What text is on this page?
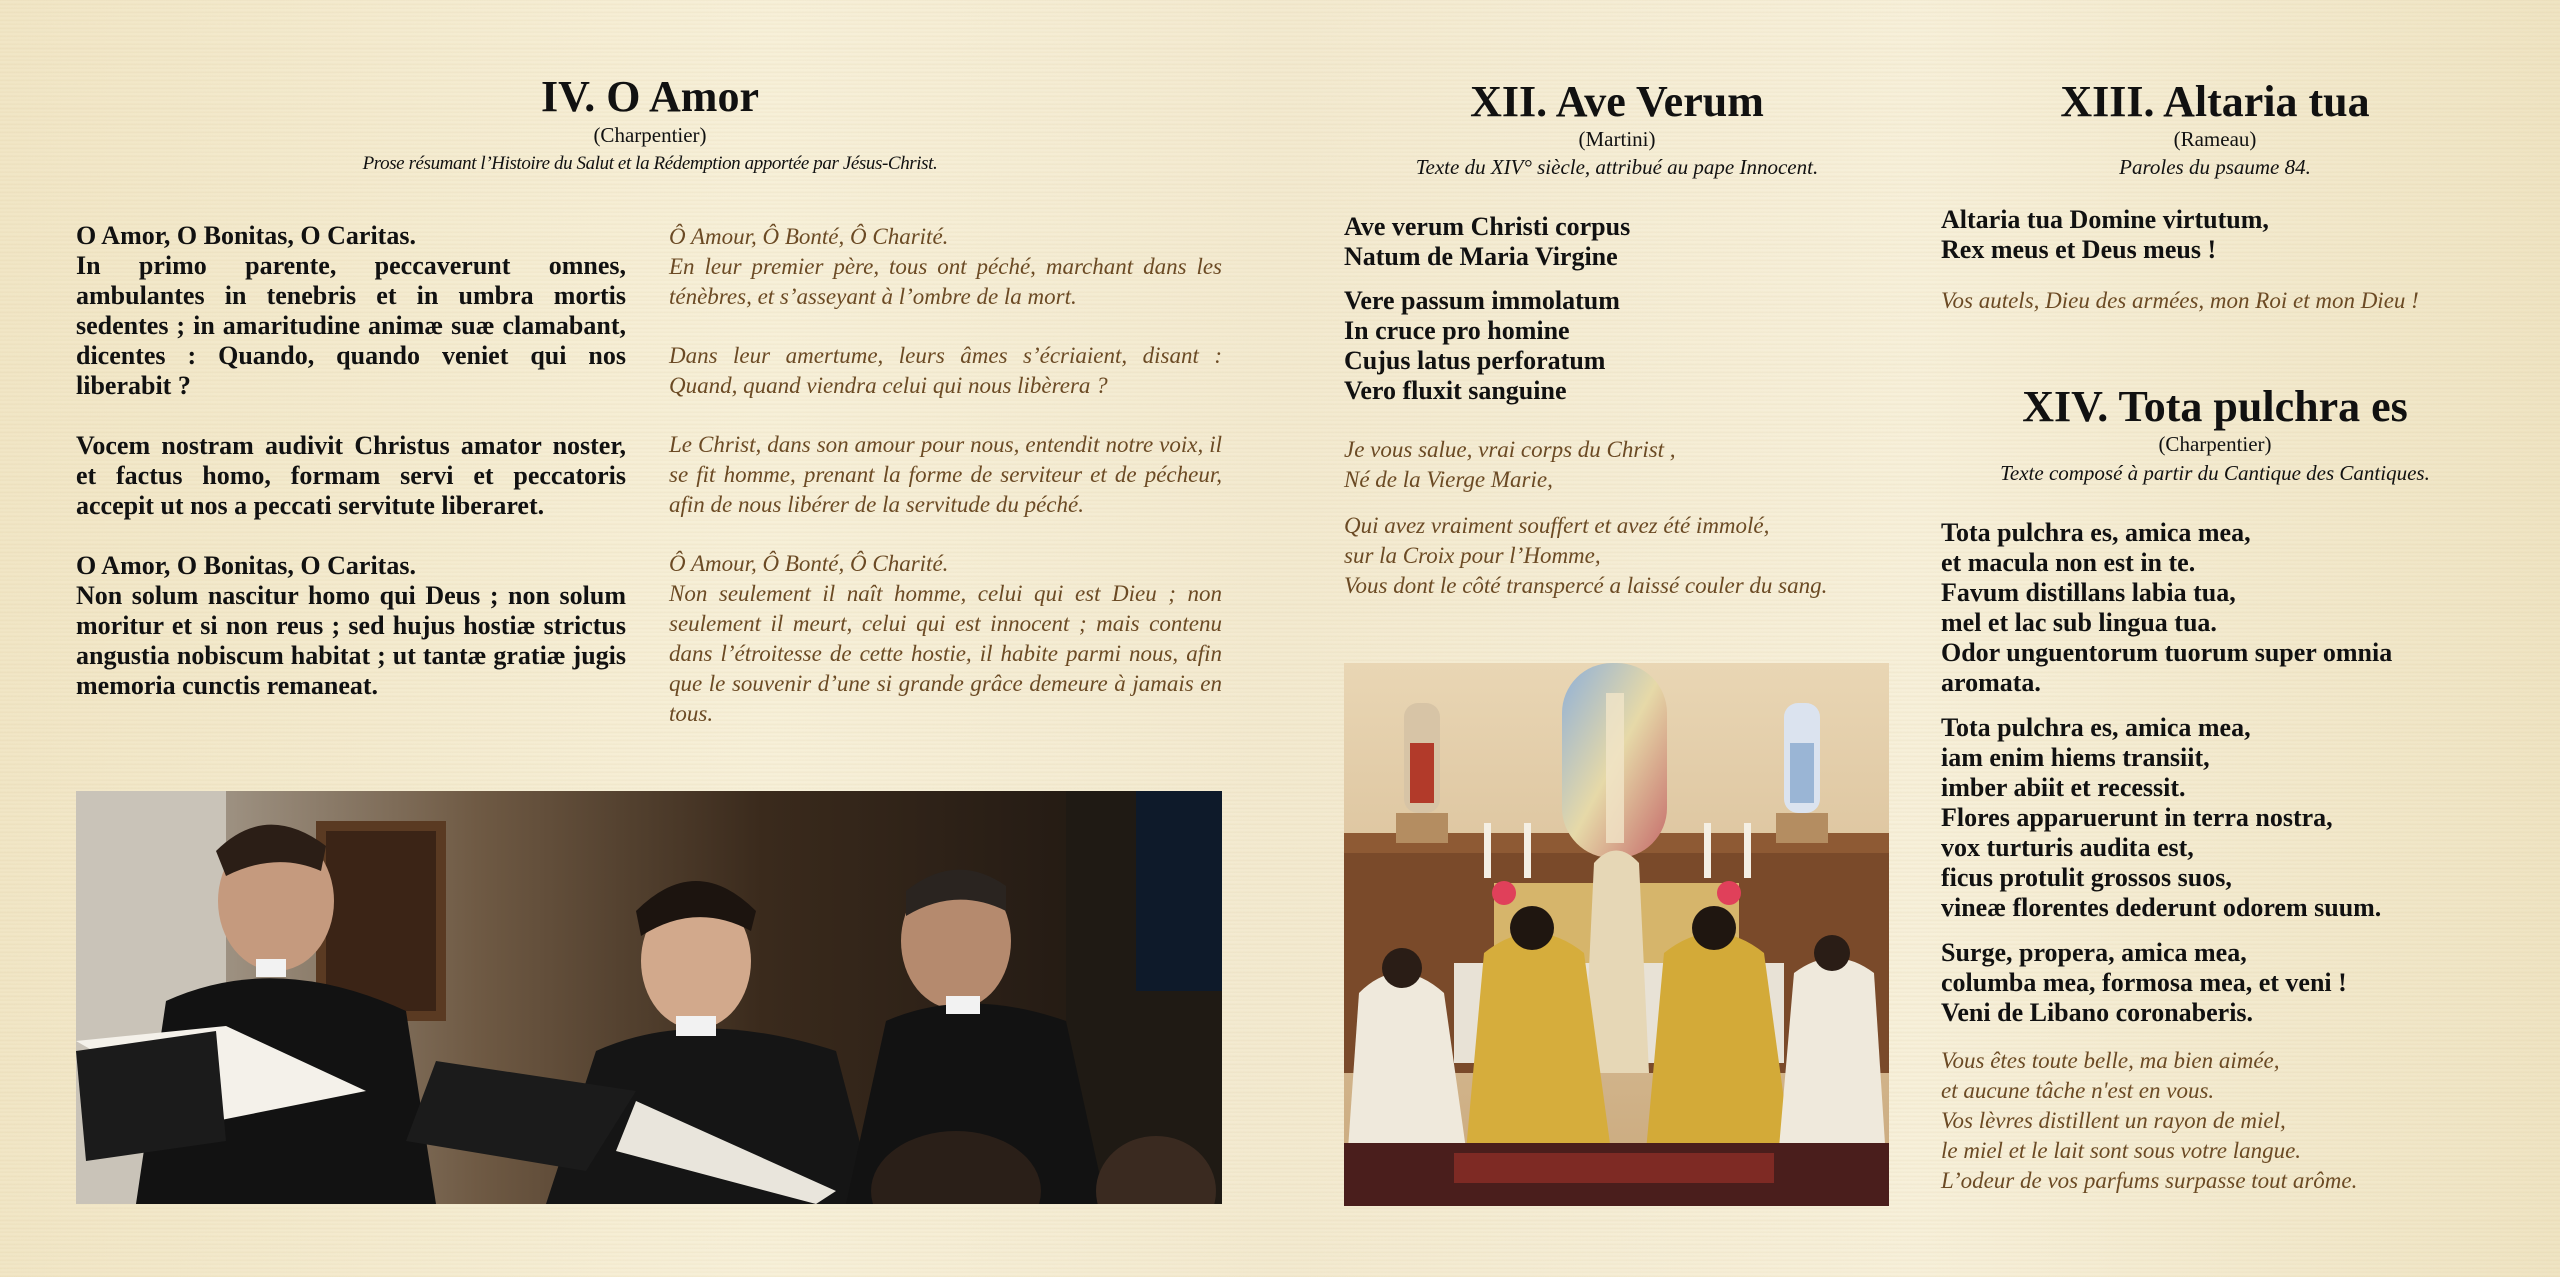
IV. O Amor
(Charpentier)
Prose résumant l’Histoire du Salut et la Rédemption apportée par Jésus-Christ.

O Amor, O Bonitas, O Caritas.
In primo parente, peccaverunt omnes, ambulantes in tenebris et in umbra mortis sedentes ; in amaritudine animæ suæ clamabant, dicentes : Quando, quando veniet qui nos liberabit ?

Vocem nostram audivit Christus amator noster, et factus homo, formam servi et peccatoris accepit ut nos a peccati servitute liberaret.

O Amor, O Bonitas, O Caritas.
Non solum nascitur homo qui Deus ; non solum moritur et si non reus ; sed hujus hostiæ strictus angustia nobiscum habitat ; ut tantæ gratiæ jugis memoria cunctis remaneat.

Ô Amour, Ô Bonté, Ô Charité.
En leur premier père, tous ont péché, marchant dans les ténèbres, et s’asseyant à l’ombre de la mort.

Dans leur amertume, leurs âmes s’écriaient, disant : Quand, quand viendra celui qui nous libèrera ?

Le Christ, dans son amour pour nous, entendit notre voix, il se fit homme, prenant la forme de serviteur et de pécheur, afin de nous libérer de la servitude du péché.

Ô Amour, Ô Bonté, Ô Charité.
Non seulement il naît homme, celui qui est Dieu ; non seulement il meurt, celui qui est innocent ; mais contenu dans l’étroitesse de cette hostie, il habite parmi nous, afin que le souvenir d’une si grande grâce demeure à jamais en tous.

XII. Ave Verum
(Martini)
Texte du XIV° siècle, attribué au pape Innocent.

Ave verum Christi corpus
Natum de Maria Virgine

Vere passum immolatum
In cruce pro homine
Cujus latus perforatum
Vero fluxit sanguine

Je vous salue, vrai corps du Christ ,
Né de la Vierge Marie,

Qui avez vraiment souffert et avez été immolé,
sur la Croix pour l’Homme,
Vous dont le côté transpercé a laissé couler du sang.

XIII. Altaria tua
(Rameau)
Paroles du psaume 84.

Altaria tua Domine virtutum,
Rex meus et Deus meus !

Vos autels, Dieu des armées, mon Roi et mon Dieu !
XIV. Tota pulchra es
(Charpentier)
Texte composé à partir du Cantique des Cantiques.

Tota pulchra es, amica mea,
et macula non est in te.
Favum distillans labia tua,
mel et lac sub lingua tua.
Odor unguentorum tuorum super omnia
aromata.

Tota pulchra es, amica mea,
iam enim hiems transiit,
imber abiit et recessit.
Flores apparuerunt in terra nostra,
vox turturis audita est,
ficus protulit grossos suos,
vineæ florentes dederunt odorem suum.

Surge, propera, amica mea,
columba mea, formosa mea, et veni !
Veni de Libano coronaberis.

Vous êtes toute belle, ma bien aimée,
et aucune tâche n'est en vous.
Vos lèvres distillent un rayon de miel,
le miel et le lait sont sous votre langue.
L’odeur de vos parfums surpasse tout arôme.
